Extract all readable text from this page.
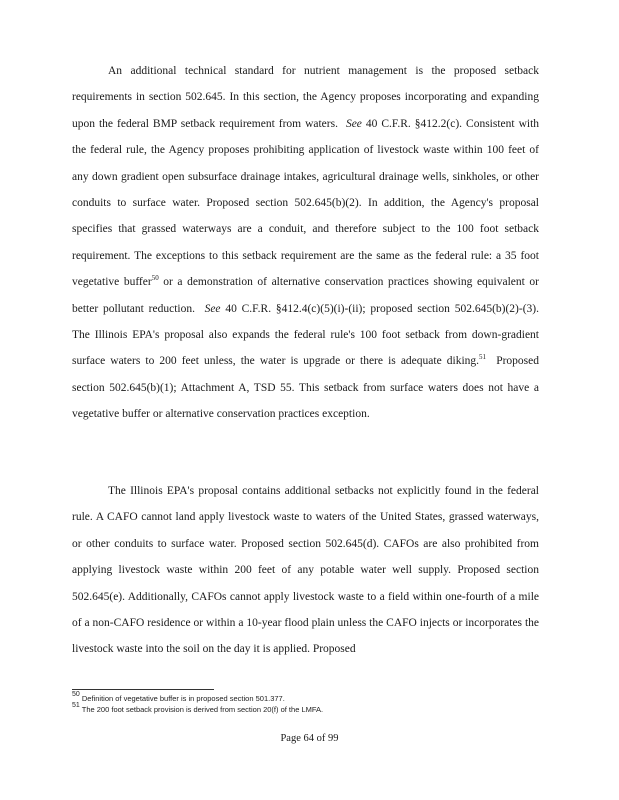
An additional technical standard for nutrient management is the proposed setback requirements in section 502.645. In this section, the Agency proposes incorporating and expanding upon the federal BMP setback requirement from waters. See 40 C.F.R. §412.2(c). Consistent with the federal rule, the Agency proposes prohibiting application of livestock waste within 100 feet of any down gradient open subsurface drainage intakes, agricultural drainage wells, sinkholes, or other conduits to surface water. Proposed section 502.645(b)(2). In addition, the Agency's proposal specifies that grassed waterways are a conduit, and therefore subject to the 100 foot setback requirement. The exceptions to this setback requirement are the same as the federal rule: a 35 foot vegetative buffer$^{50}$ or a demonstration of alternative conservation practices showing equivalent or better pollutant reduction. See 40 C.F.R. §412.4(c)(5)(i)-(ii); proposed section 502.645(b)(2)-(3). The Illinois EPA's proposal also expands the federal rule's 100 foot setback from down-gradient surface waters to 200 feet unless, the water is upgrade or there is adequate diking.$^{51}$ Proposed section 502.645(b)(1); Attachment A, TSD 55. This setback from surface waters does not have a vegetative buffer or alternative conservation practices exception.

The Illinois EPA's proposal contains additional setbacks not explicitly found in the federal rule. A CAFO cannot land apply livestock waste to waters of the United States, grassed waterways, or other conduits to surface water. Proposed section 502.645(d). CAFOs are also prohibited from applying livestock waste within 200 feet of any potable water well supply. Proposed section 502.645(e). Additionally, CAFOs cannot apply livestock waste to a field within one-fourth of a mile of a non-CAFO residence or within a 10-year flood plain unless the CAFO injects or incorporates the livestock waste into the soil on the day it is applied. Proposed

$^{50}$ Definition of vegetative buffer is in proposed section 501.377.
$^{51}$ The 200 foot setback provision is derived from section 20(f) of the LMFA.
Page 64 of 99
